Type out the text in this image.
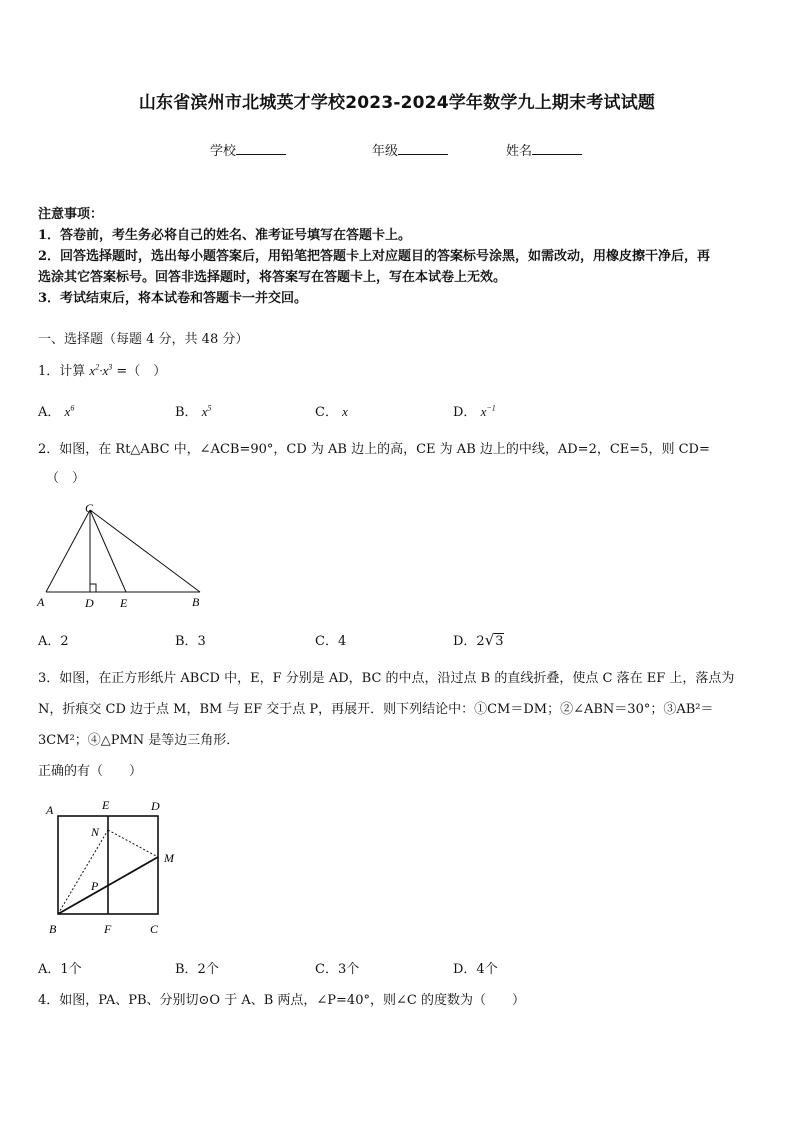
山东省滨州市北城英才学校2023-2024学年数学九上期末考试试题
学校	年级	姓名
注意事项：
1．答卷前，考生务必将自己的姓名、准考证号填写在答题卡上。
2．回答选择题时，选出每小题答案后，用铅笔把答题卡上对应题目的答案标号涂黑，如需改动，用橡皮擦干净后，再
选涂其它答案标号。回答非选择题时，将答案写在答题卡上，写在本试卷上无效。
3．考试结束后，将本试卷和答题卡一并交回。
一、选择题（每题 4 分，共 48 分）
1．计算 $x^2\cdot x^3$ =（　）
A． $x^6$	B． $x^5$	C． x	D． $x^{-1}$
2．如图，在 Rt△ABC 中，∠ACB=90°，CD 为 AB 边上的高，CE 为 AB 边上的中线，AD=2，CE=5，则 CD=
（　）
C
A	D E	B
A．2	B．3	C．4	D．2√3
3．如图，在正方形纸片 ABCD 中，E，F 分别是 AD，BC 的中点，沿过点 B 的直线折叠，使点 C 落在 EF 上，落点为
N，折痕交 CD 边于点 M，BM 与 EF 交于点 P，再展开．则下列结论中：①CM＝DM；②∠ABN＝30°；③AB²＝
3CM²；④△PMN 是等边三角形．
正确的有（　　）
A	E	D
N
M
P
B	F	C
A．1个	B．2个	C．3个	D．4个
4．如图，PA、PB、分别切⊙O 于 A、B 两点，∠P=40°，则∠C 的度数为（　　）
